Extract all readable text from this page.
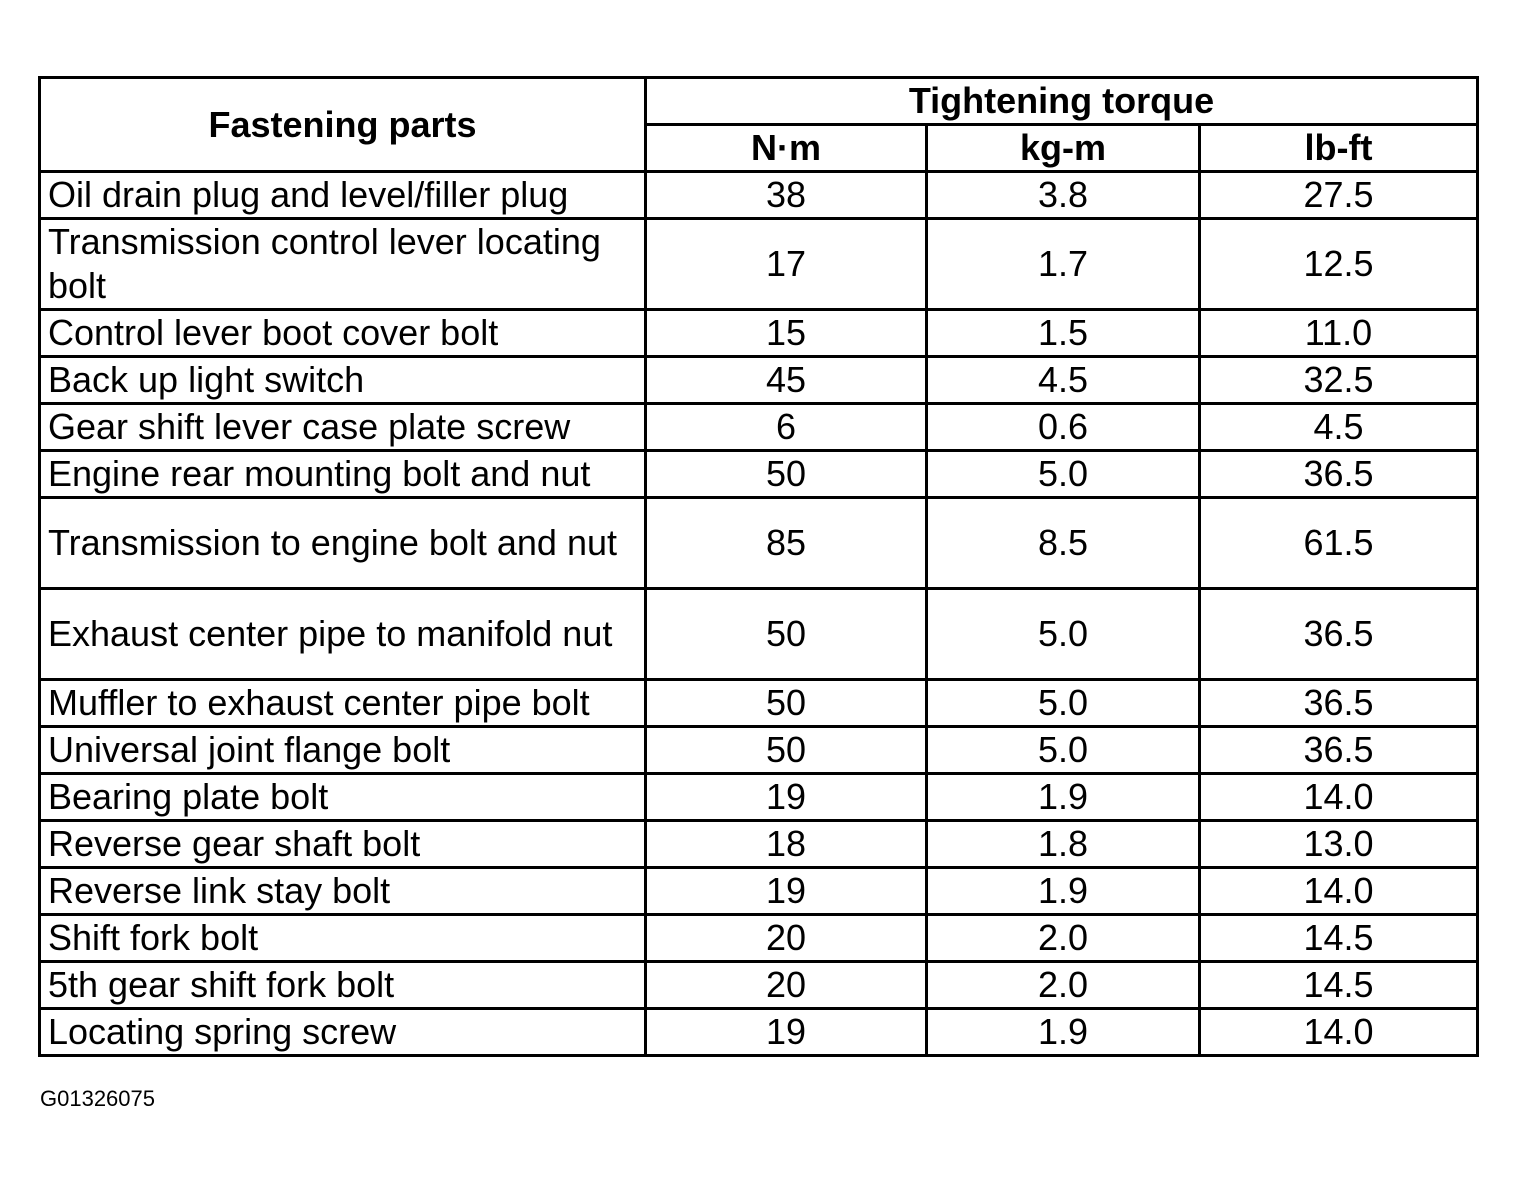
Fastening parts	Tightening torque		
	N·m	kg-m	lb-ft
Oil drain plug and level/filler plug	38	3.8	27.5
Transmission control lever locating bolt	17	1.7	12.5
Control lever boot cover bolt	15	1.5	11.0
Back up light switch	45	4.5	32.5
Gear shift lever case plate screw	6	0.6	4.5
Engine rear mounting bolt and nut	50	5.0	36.5
Transmission to engine bolt and nut	85	8.5	61.5
Exhaust center pipe to manifold nut	50	5.0	36.5
Muffler to exhaust center pipe bolt	50	5.0	36.5
Universal joint flange bolt	50	5.0	36.5
Bearing plate bolt	19	1.9	14.0
Reverse gear shaft bolt	18	1.8	13.0
Reverse link stay bolt	19	1.9	14.0
Shift fork bolt	20	2.0	14.5
5th gear shift fork bolt	20	2.0	14.5
Locating spring screw	19	1.9	14.0
G01326075
